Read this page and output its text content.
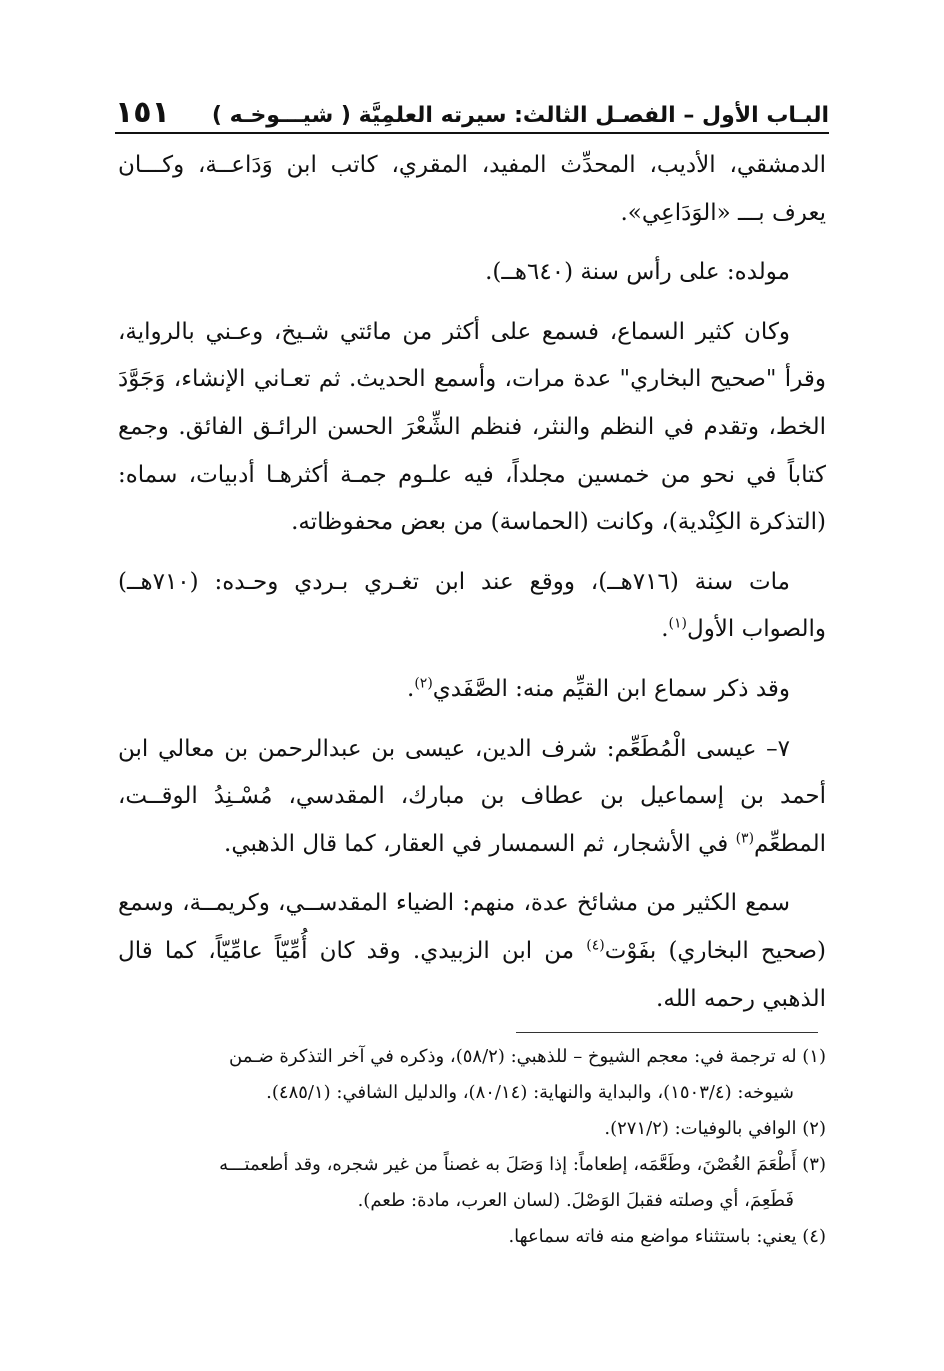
البـاب الأول – الفصـل الثالث: سيرته العلمِيَّة ( شيـــوخـه )
١٥١

الدمشقي، الأديب، المحدِّث المفيد، المقري، كاتب ابن وَدَاعــة، وكـــان يعرف بـــ «الوَدَاعِي».

مولده: على رأس سنة (٦٤٠هــ).

وكان كثير السماع، فسمع على أكثر من مائتي شـيخ، وعـني بالرواية، وقرأ "صحيح البخاري" عدة مرات، وأسمع الحديث. ثم تعـاني الإنشاء، وَجَوَّدَ الخط، وتقدم في النظم والنثر، فنظم الشِّعْرَ الحسن الرائـق الفائق. وجمع كتاباً في نحو من خمسين مجلداً، فيه علـوم جمـة أكثرهـا أدبيات، سماه: (التذكرة الكِنْدية)، وكانت (الحماسة) من بعض محفوظاته.

مات سنة (٧١٦هــ)، ووقع عند ابن تغـري بـردي وحـده: (٧١٠هــ) والصواب الأول$^{(١)}$.

وقد ذكر سماع ابن القيِّم منه: الصَّفَدي$^{(٢)}$.

٧– عيسى الْمُطَعِّم: شرف الدين، عيسى بن عبدالرحمن بن معالي ابن أحمد بن إسماعيل بن عطاف بن مبارك، المقدسي، مُسْـنِدُ الوقــت، المطعِّم$^{(٣)}$ في الأشجار، ثم السمسار في العقار، كما قال الذهبي.

سمع الكثير من مشائخ عدة، منهم: الضياء المقدســي، وكريمــة، وسمع (صحيح البخاري) بفَوْت$^{(٤)}$ من ابن الزبيدي. وقد كان أُمِّيّاً عامِّيّاً، كما قال الذهبي رحمه الله.

(١) له ترجمة في: معجم الشيوخ – للذهبي: (٥٨/٢)، وذكره في آخر التذكرة ضـمن

شيوخه: (١٥٠٣/٤)، والبداية والنهاية: (٨٠/١٤)، والدليل الشافي: (٤٨٥/١).

(٢) الوافي بالوفيات: (٢٧١/٢).

(٣) أَطْعَمَ الغُصْنَ، وطَعَّمَه، إطعاماً: إذا وَصَلَ به غصناً من غير شجره، وقد أطعمتـــه

فَطَعِمَ، أي وصلته فقبلَ الوَصْلَ. (لسان العرب، مادة: طعم).

(٤) يعني: باستثناء مواضع منه فاته سماعها.
